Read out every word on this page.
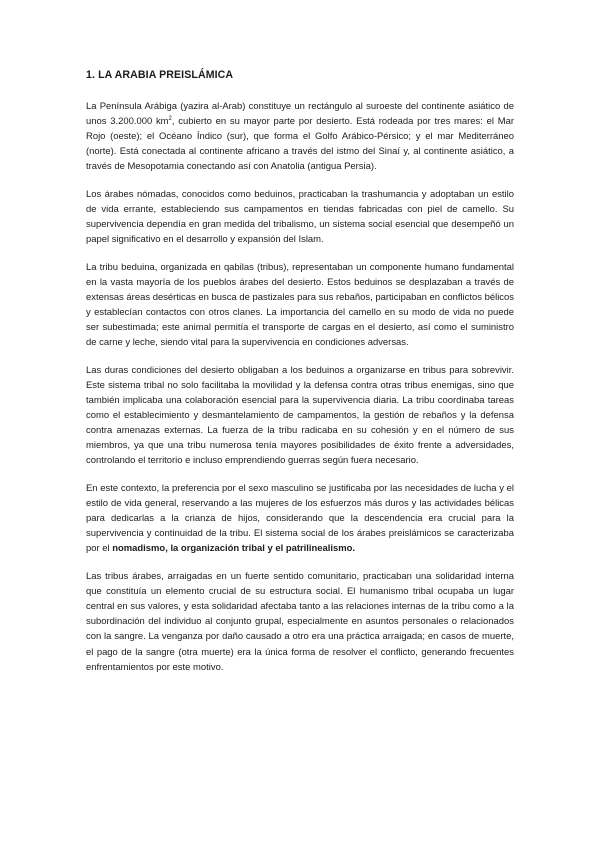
1. LA ARABIA PREISLÁMICA

La Península Arábiga (yazira al-Arab) constituye un rectángulo al suroeste del continente asiático de unos 3.200.000 $km^2$, cubierto en su mayor parte por desierto. Está rodeada por tres mares: el Mar Rojo (oeste); el Océano Índico (sur), que forma el Golfo Arábico-Pérsico; y el mar Mediterráneo (norte). Está conectada al continente africano a través del istmo del Sinaí y, al continente asiático, a través de Mesopotamia conectando así con Anatolia (antigua Persia).

Los árabes nómadas, conocidos como beduinos, practicaban la trashumancia y adoptaban un estilo de vida errante, estableciendo sus campamentos en tiendas fabricadas con piel de camello. Su supervivencia dependía en gran medida del tribalismo, un sistema social esencial que desempeñó un papel significativo en el desarrollo y expansión del Islam.

La tribu beduina, organizada en qabilas (tribus), representaban un componente humano fundamental en la vasta mayoría de los pueblos árabes del desierto. Estos beduinos se desplazaban a través de extensas áreas desérticas en busca de pastizales para sus rebaños, participaban en conflictos bélicos y establecían contactos con otros clanes. La importancia del camello en su modo de vida no puede ser subestimada; este animal permitía el transporte de cargas en el desierto, así como el suministro de carne y leche, siendo vital para la supervivencia en condiciones adversas.

Las duras condiciones del desierto obligaban a los beduinos a organizarse en tribus para sobrevivir. Este sistema tribal no solo facilitaba la movilidad y la defensa contra otras tribus enemigas, sino que también implicaba una colaboración esencial para la supervivencia diaria. La tribu coordinaba tareas como el establecimiento y desmantelamiento de campamentos, la gestión de rebaños y la defensa contra amenazas externas. La fuerza de la tribu radicaba en su cohesión y en el número de sus miembros, ya que una tribu numerosa tenía mayores posibilidades de éxito frente a adversidades, controlando el territorio e incluso emprendiendo guerras según fuera necesario.

En este contexto, la preferencia por el sexo masculino se justificaba por las necesidades de lucha y el estilo de vida general, reservando a las mujeres de los esfuerzos más duros y las actividades bélicas para dedicarlas a la crianza de hijos, considerando que la descendencia era crucial para la supervivencia y continuidad de la tribu. El sistema social de los árabes preislámicos se caracterizaba por el nomadismo, la organización tribal y el patrilinealismo.

Las tribus árabes, arraigadas en un fuerte sentido comunitario, practicaban una solidaridad interna que constituía un elemento crucial de su estructura social. El humanismo tribal ocupaba un lugar central en sus valores, y esta solidaridad afectaba tanto a las relaciones internas de la tribu como a la subordinación del individuo al conjunto grupal, especialmente en asuntos personales o relacionados con la sangre. La venganza por daño causado a otro era una práctica arraigada; en casos de muerte, el pago de la sangre (otra muerte) era la única forma de resolver el conflicto, generando frecuentes enfrentamientos por este motivo.
